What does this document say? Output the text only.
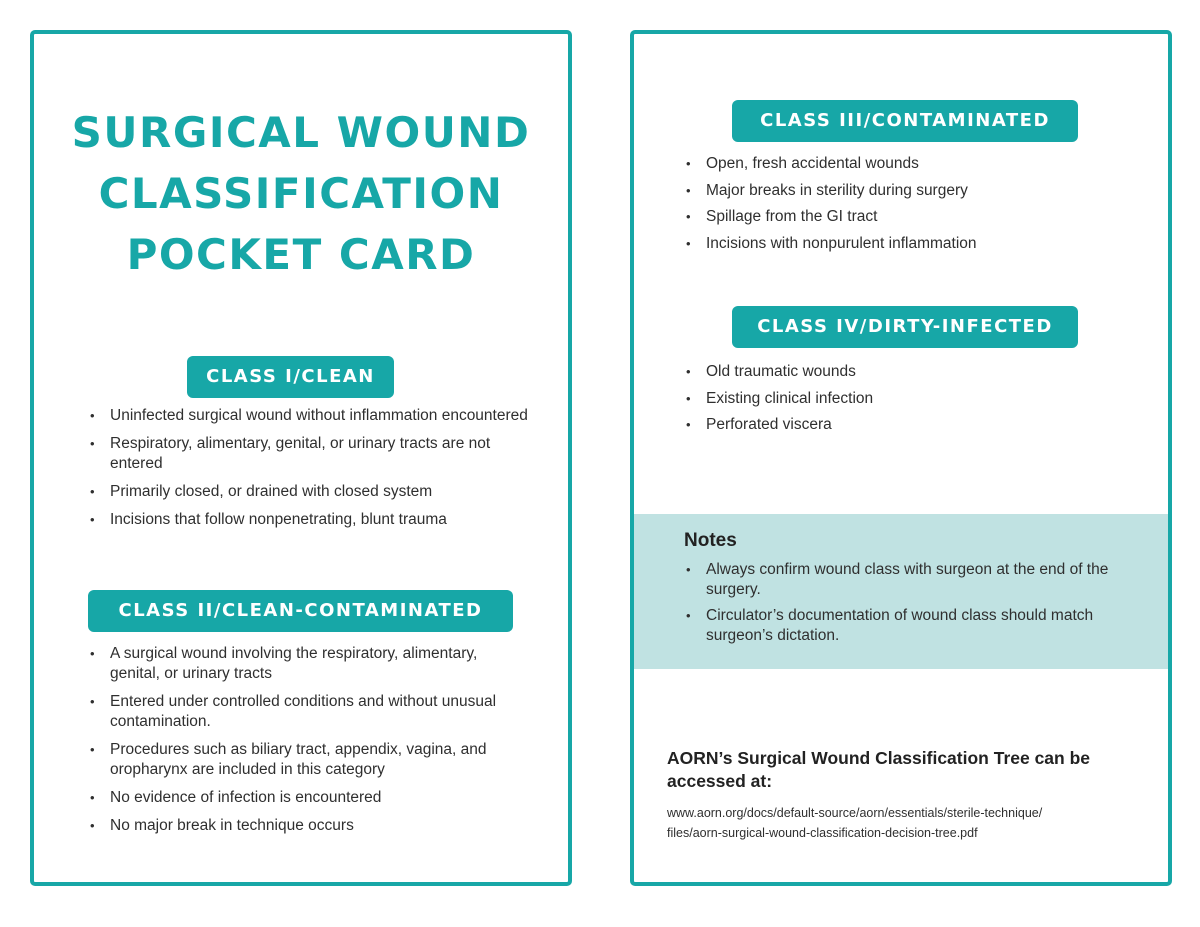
SURGICAL WOUND
CLASSIFICATION
POCKET CARD
CLASS I/CLEAN
• Uninfected surgical wound without inflammation encountered
• Respiratory, alimentary, genital, or urinary tracts are not entered
• Primarily closed, or drained with closed system
• Incisions that follow nonpenetrating, blunt trauma
CLASS II/CLEAN-CONTAMINATED
• A surgical wound involving the respiratory, alimentary, genital, or urinary tracts
• Entered under controlled conditions and without unusual contamination.
• Procedures such as biliary tract, appendix, vagina, and oropharynx are included in this category
• No evidence of infection is encountered
• No major break in technique occurs
CLASS III/CONTAMINATED
• Open, fresh accidental wounds
• Major breaks in sterility during surgery
• Spillage from the GI tract
• Incisions with nonpurulent inflammation
CLASS IV/DIRTY-INFECTED
• Old traumatic wounds
• Existing clinical infection
• Perforated viscera
Notes
• Always confirm wound class with surgeon at the end of the surgery.
• Circulator’s documentation of wound class should match surgeon’s dictation.
AORN’s Surgical Wound Classification Tree can be accessed at:
www.aorn.org/docs/default-source/aorn/essentials/sterile-technique/
files/aorn-surgical-wound-classification-decision-tree.pdf
